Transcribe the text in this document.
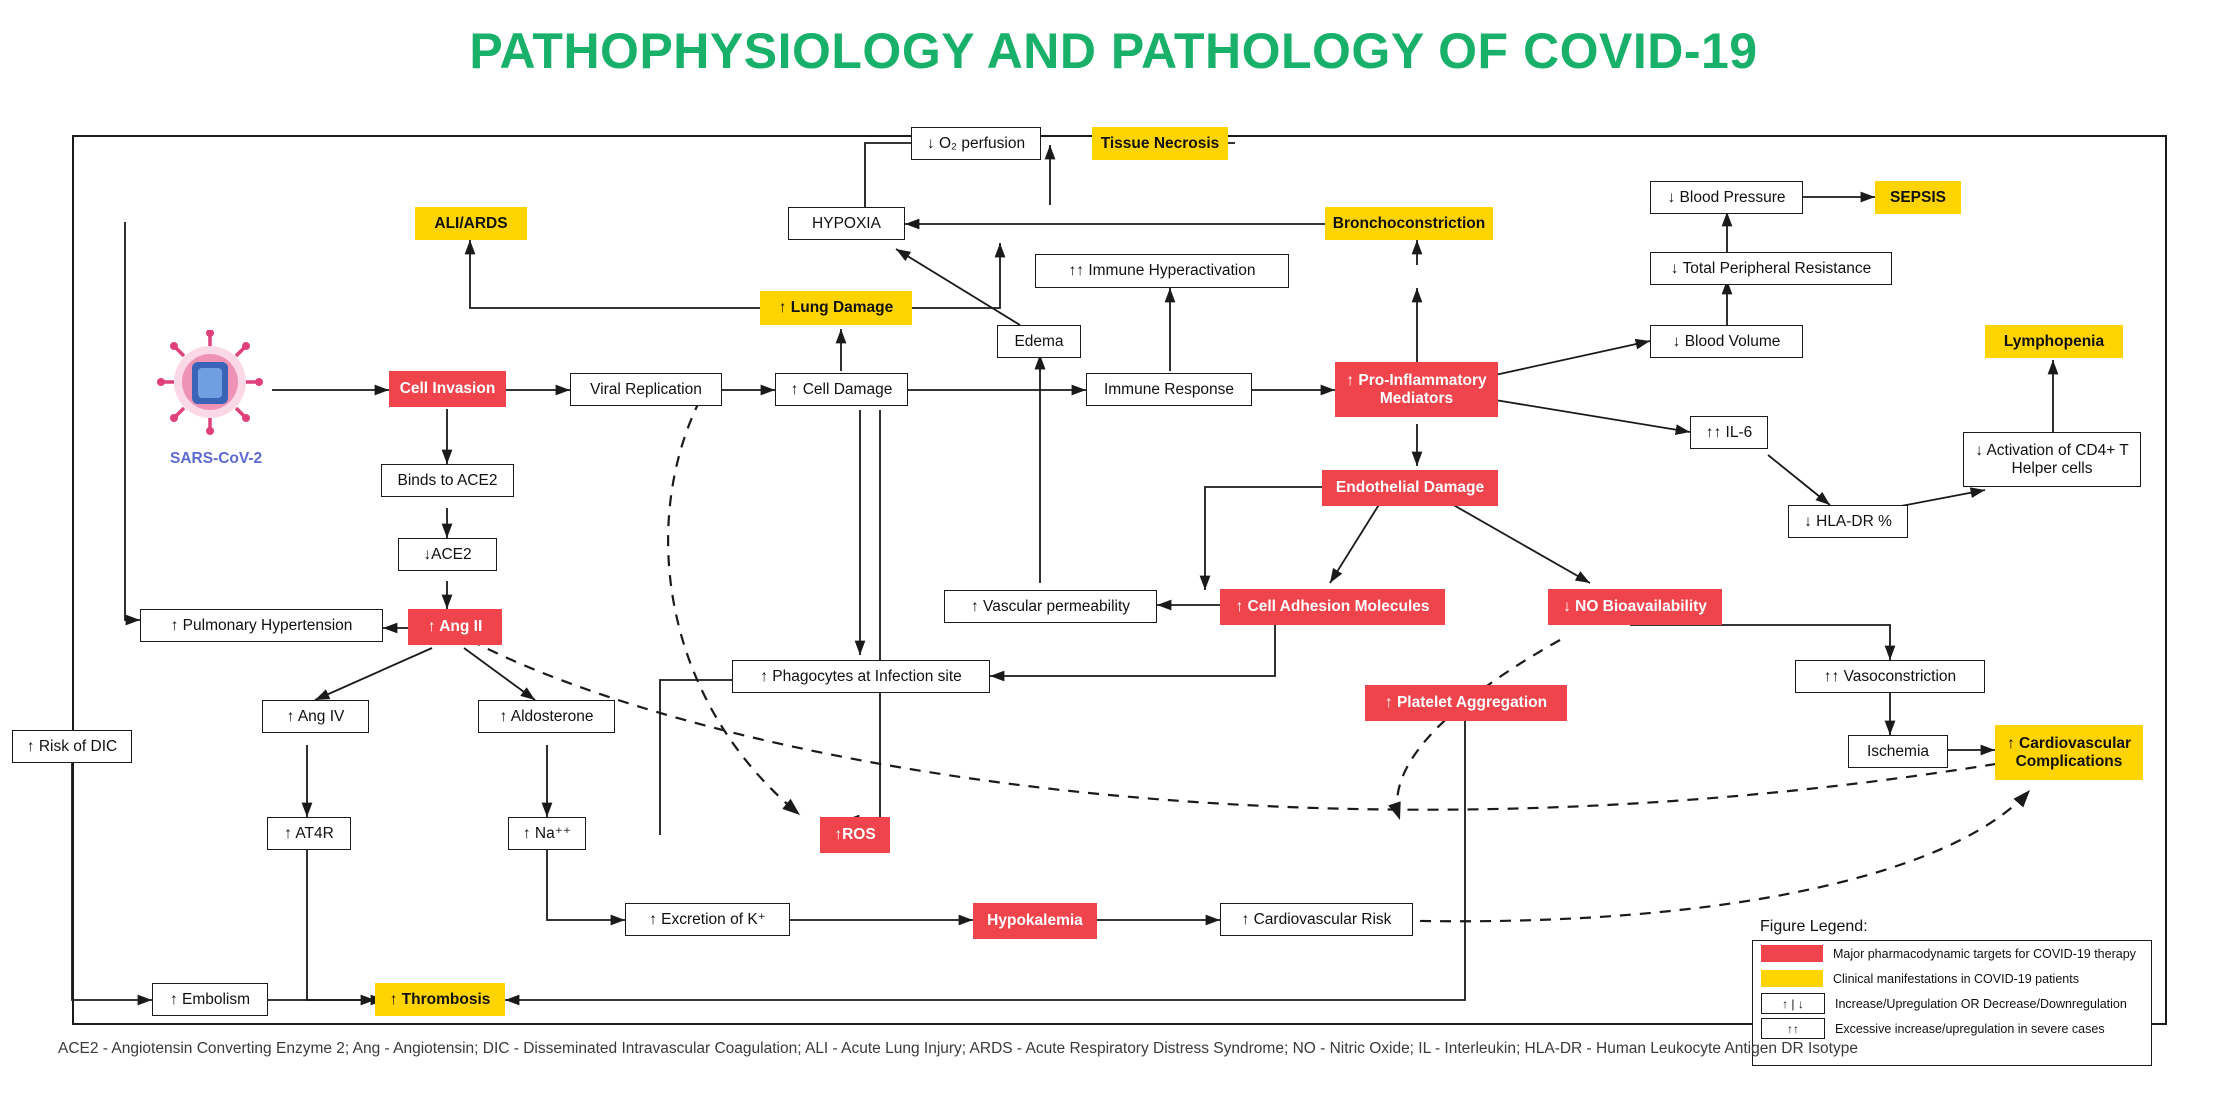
PATHOPHYSIOLOGY AND PATHOLOGY OF COVID-19
SARS-CoV-2
↓ O₂ perfusion	Tissue Necrosis
↓ Blood Pressure	SEPSIS
ALI/ARDS	HYPOXIA	Bronchoconstriction
↓ Total Peripheral Resistance
↑↑ Immune Hyperactivation
↑ Lung Damage
Edema	↓ Blood Volume	Lymphopenia
Cell Invasion	Viral Replication	↑ Cell Damage	Immune Response
↑ Pro-Inflammatory Mediators
Binds to ACE2
↑↑ IL-6
↓ Activation of CD4+ T Helper cells
↓ACE2
Endothelial Damage
↓ HLA-DR %
↑ Pulmonary Hypertension	↑ Ang II
↑ Vascular permeability	↑ Cell Adhesion Molecules	↓ NO Bioavailability
↑ Phagocytes at Infection site	↑↑ Vasoconstriction
↑ Platelet Aggregation
↑ Ang IV	↑ Aldosterone
Ischemia	↑ Cardiovascular Complications
↑ Risk of DIC
↑ AT4R	↑ Na⁺⁺	↑ROS
↑ Excretion of K⁺	Hypokalemia	↑ Cardiovascular Risk
↑ Embolism	↑ Thrombosis
Figure Legend:
Major pharmacodynamic targets for COVID-19 therapy
Clinical manifestations in COVID-19 patients
↑ | ↓ Increase/Upregulation OR Decrease/Downregulation
↑↑	Excessive increase/upregulation in severe cases
ACE2 - Angiotensin Converting Enzyme 2; Ang - Angiotensin; DIC - Disseminated Intravascular Coagulation; ALI - Acute Lung Injury; ARDS - Acute Respiratory Distress Syndrome; NO - Nitric Oxide; IL - Interleukin; HLA-DR - Human Leukocyte Antigen DR Isotype
